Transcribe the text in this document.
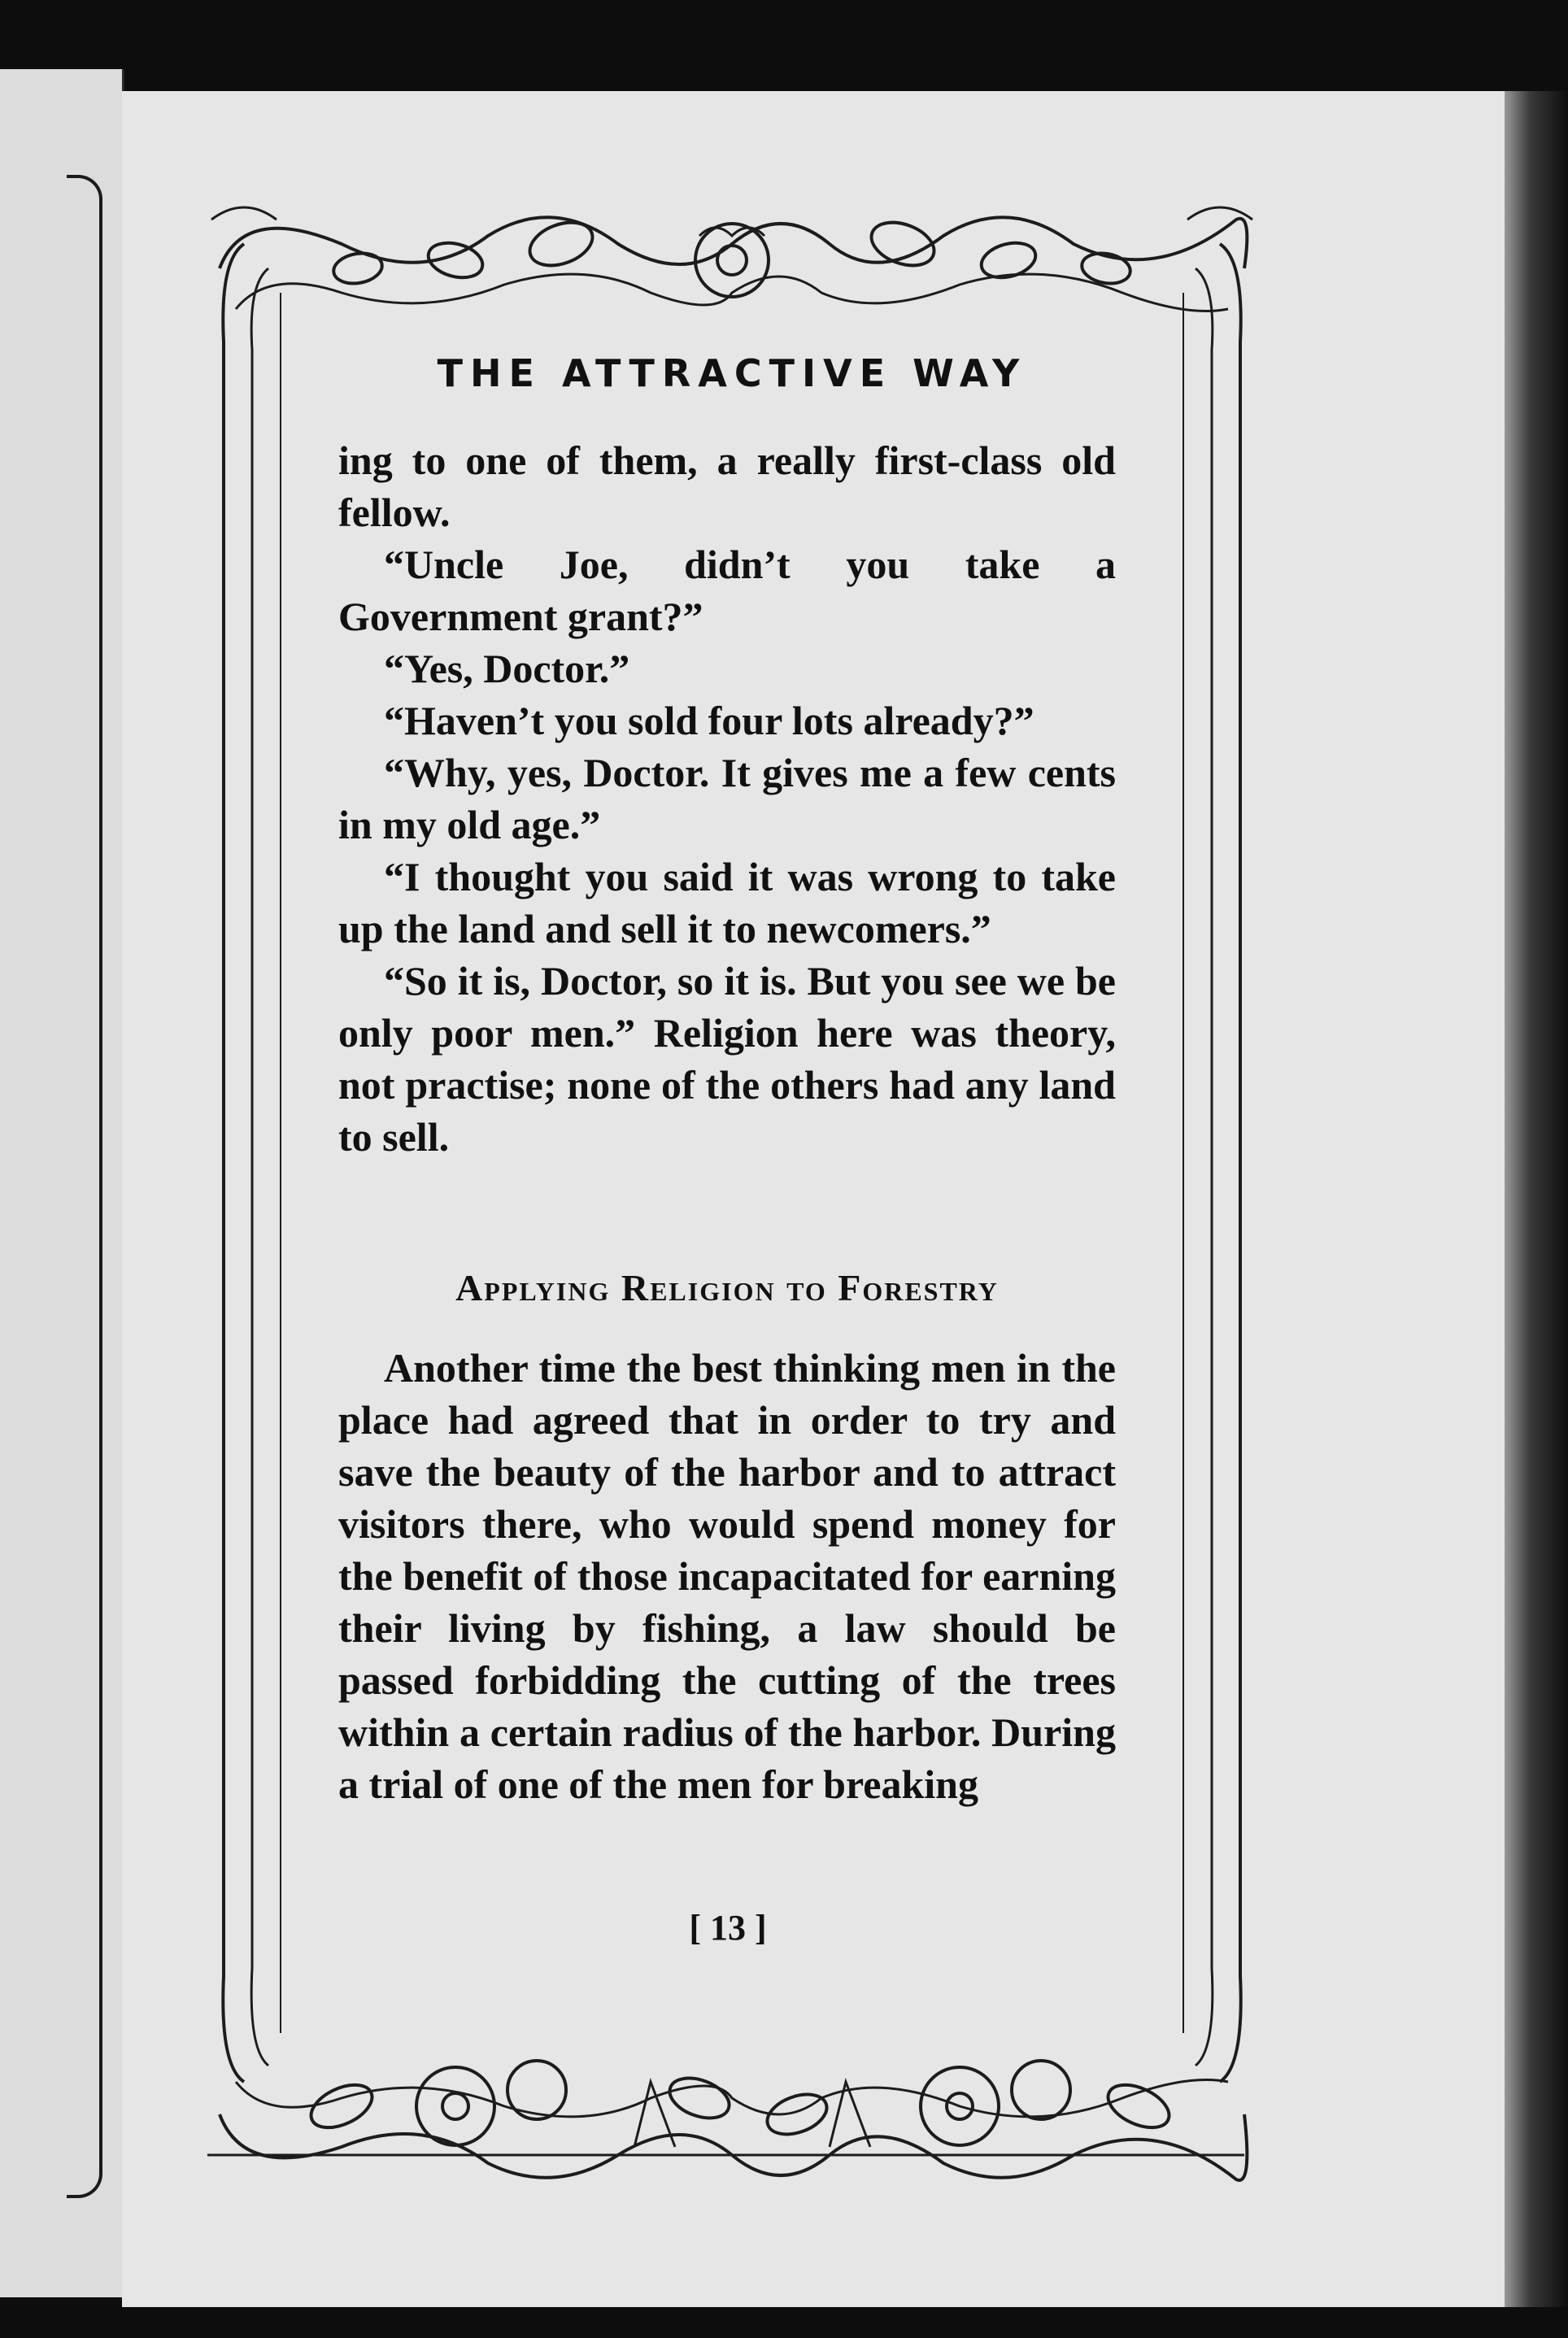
THE ATTRACTIVE WAY

ing to one of them, a really first-class old fellow.

“Uncle Joe, didn’t you take a Government grant?”

“Yes, Doctor.”

“Haven’t you sold four lots already?”

“Why, yes, Doctor. It gives me a few cents in my old age.”

“I thought you said it was wrong to take up the land and sell it to newcomers.”

“So it is, Doctor, so it is. But you see we be only poor men.” Religion here was theory, not practise; none of the others had any land to sell.

Applying Religion to Forestry

Another time the best thinking men in the place had agreed that in order to try and save the beauty of the harbor and to attract visitors there, who would spend money for the benefit of those incapacitated for earning their living by fishing, a law should be passed forbidding the cutting of the trees within a certain radius of the harbor. During a trial of one of the men for breaking

[ 13 ]
